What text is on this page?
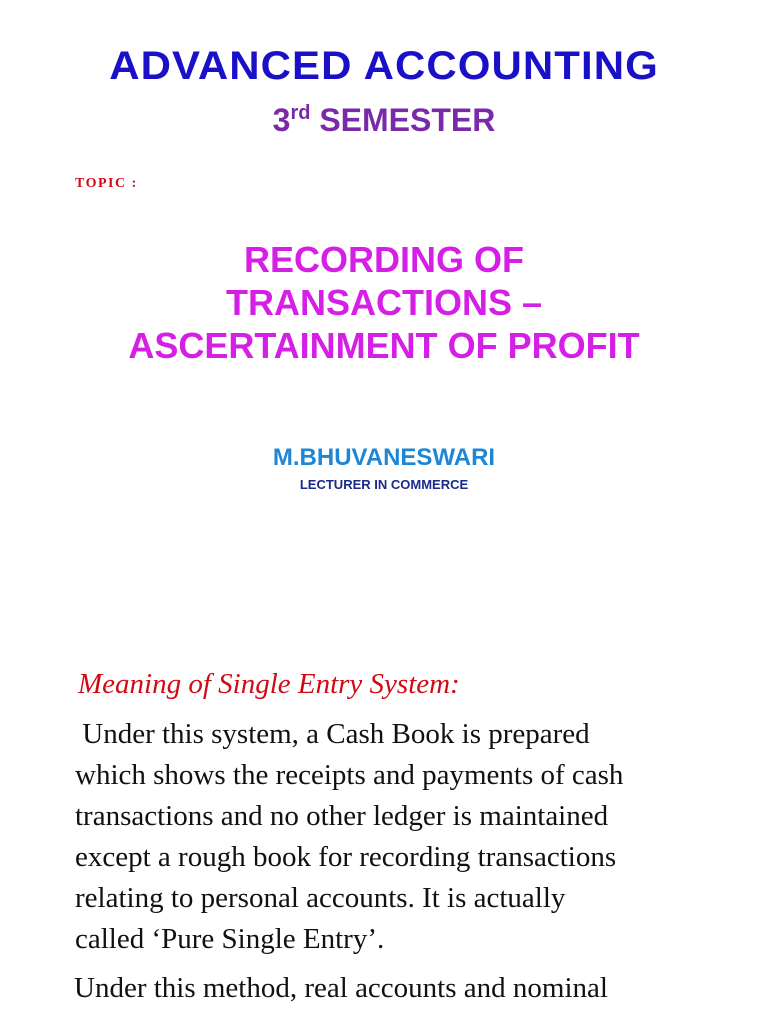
ADVANCED ACCOUNTING
3rd SEMESTER
TOPIC :
RECORDING OF
TRANSACTIONS –
ASCERTAINMENT OF PROFIT
M.BHUVANESWARI
LECTURER IN COMMERCE
Meaning of Single Entry System:
Under this system, a Cash Book is prepared
which shows the receipts and payments of cash
transactions and no other ledger is maintained
except a rough book for recording transactions
relating to personal accounts. It is actually
called ‘Pure Single Entry’.
Under this method, real accounts and nominal
